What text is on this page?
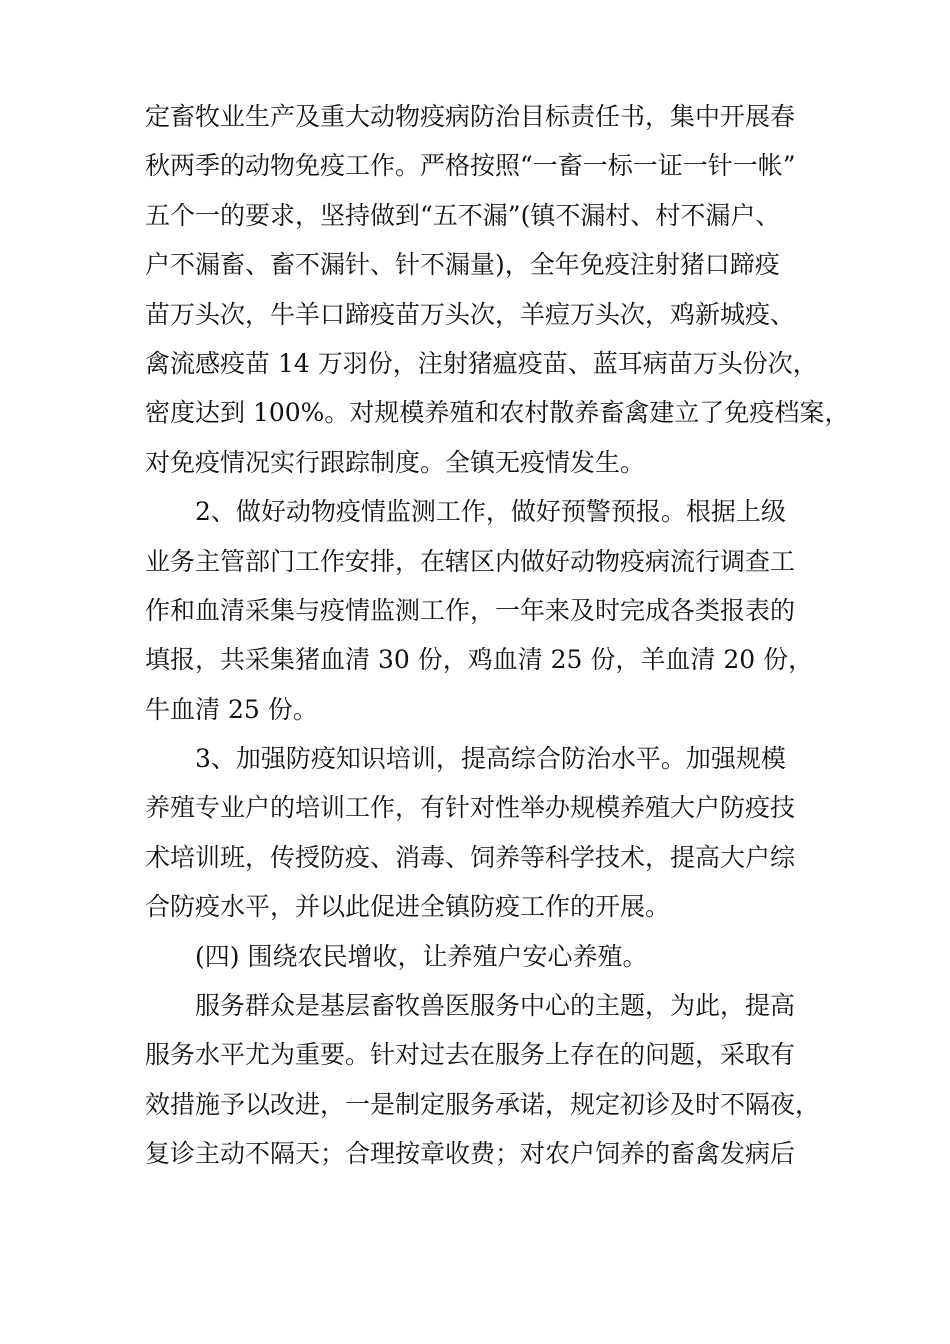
定畜牧业生产及重大动物疫病防治目标责任书，集中开展春
秋两季的动物免疫工作。严格按照“一畜一标一证一针一帐”
五个一的要求，坚持做到“五不漏”(镇不漏村、村不漏户、
户不漏畜、畜不漏针、针不漏量)，全年免疫注射猪口蹄疫
苗万头次，牛羊口蹄疫苗万头次，羊痘万头次，鸡新城疫、
禽流感疫苗 14 万羽份，注射猪瘟疫苗、蓝耳病苗万头份次，
密度达到 100%。对规模养殖和农村散养畜禽建立了免疫档案，
对免疫情况实行跟踪制度。全镇无疫情发生。
2、做好动物疫情监测工作，做好预警预报。根据上级
业务主管部门工作安排，在辖区内做好动物疫病流行调查工
作和血清采集与疫情监测工作，一年来及时完成各类报表的
填报，共采集猪血清 30 份，鸡血清 25 份，羊血清 20 份，
牛血清 25 份。
3、加强防疫知识培训，提高综合防治水平。加强规模
养殖专业户的培训工作，有针对性举办规模养殖大户防疫技
术培训班，传授防疫、消毒、饲养等科学技术，提高大户综
合防疫水平，并以此促进全镇防疫工作的开展。
(四) 围绕农民增收，让养殖户安心养殖。
服务群众是基层畜牧兽医服务中心的主题，为此，提高
服务水平尤为重要。针对过去在服务上存在的问题，采取有
效措施予以改进，一是制定服务承诺，规定初诊及时不隔夜，
复诊主动不隔天；合理按章收费；对农户饲养的畜禽发病后
